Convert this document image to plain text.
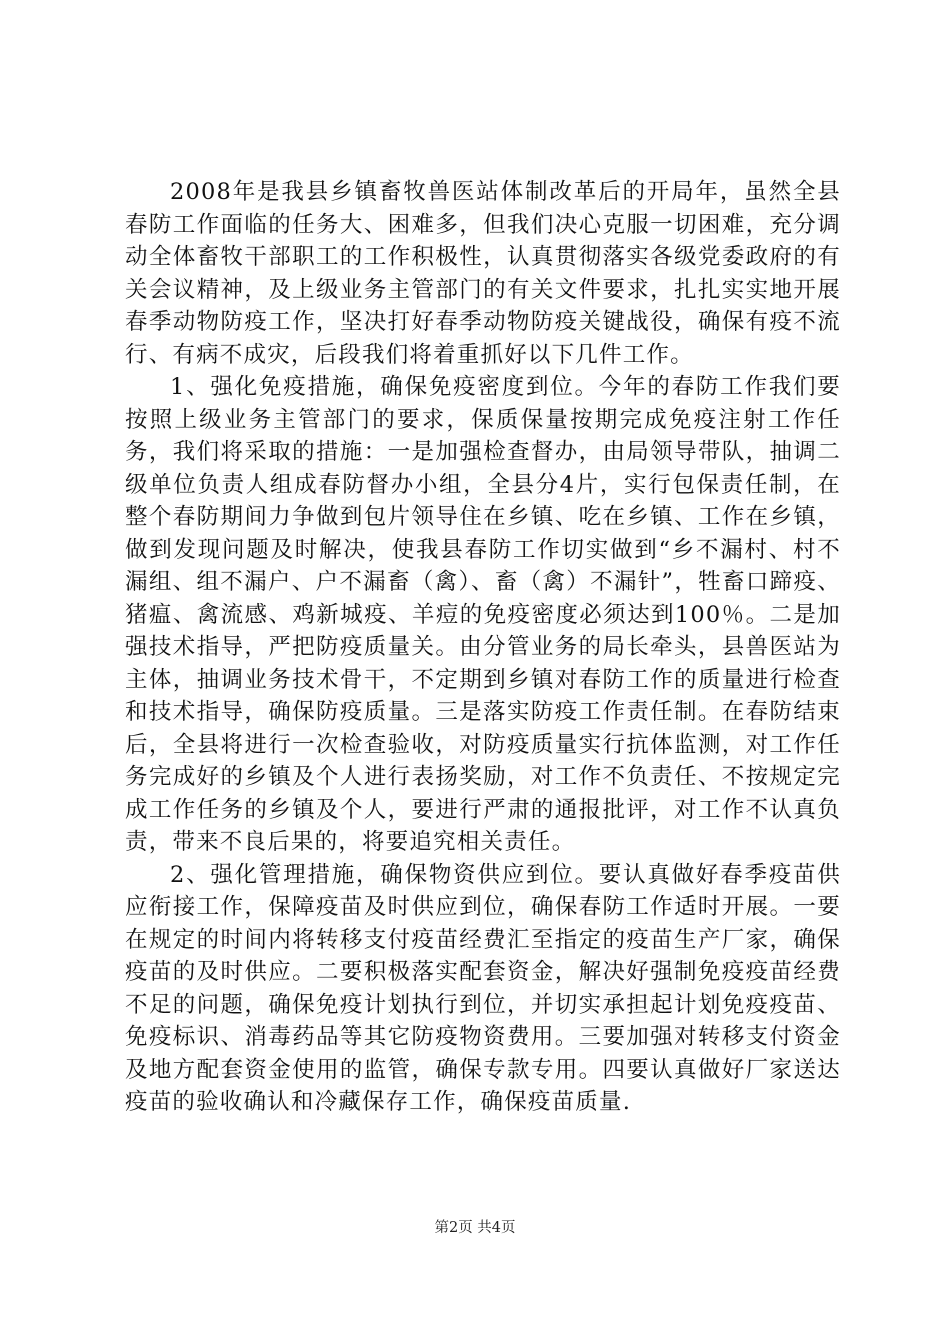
2008年是我县乡镇畜牧兽医站体制改革后的开局年，虽然全县春防工作面临的任务大、困难多，但我们决心克服一切困难，充分调动全体畜牧干部职工的工作积极性，认真贯彻落实各级党委政府的有关会议精神，及上级业务主管部门的有关文件要求，扎扎实实地开展春季动物防疫工作，坚决打好春季动物防疫关键战役，确保有疫不流行、有病不成灾，后段我们将着重抓好以下几件工作。

1、强化免疫措施，确保免疫密度到位。今年的春防工作我们要按照上级业务主管部门的要求，保质保量按期完成免疫注射工作任务，我们将采取的措施：一是加强检查督办，由局领导带队，抽调二级单位负责人组成春防督办小组，全县分4片，实行包保责任制，在整个春防期间力争做到包片领导住在乡镇、吃在乡镇、工作在乡镇，做到发现问题及时解决，使我县春防工作切实做到“乡不漏村、村不漏组、组不漏户、户不漏畜（禽）、畜（禽）不漏针”，牲畜口蹄疫、猪瘟、禽流感、鸡新城疫、羊痘的免疫密度必须达到100％。二是加强技术指导，严把防疫质量关。由分管业务的局长牵头，县兽医站为主体，抽调业务技术骨干，不定期到乡镇对春防工作的质量进行检查和技术指导，确保防疫质量。三是落实防疫工作责任制。在春防结束后，全县将进行一次检查验收，对防疫质量实行抗体监测，对工作任务完成好的乡镇及个人进行表扬奖励，对工作不负责任、不按规定完成工作任务的乡镇及个人，要进行严肃的通报批评，对工作不认真负责，带来不良后果的，将要追究相关责任。

2、强化管理措施，确保物资供应到位。要认真做好春季疫苗供应衔接工作，保障疫苗及时供应到位，确保春防工作适时开展。一要在规定的时间内将转移支付疫苗经费汇至指定的疫苗生产厂家，确保疫苗的及时供应。二要积极落实配套资金，解决好强制免疫疫苗经费不足的问题，确保免疫计划执行到位，并切实承担起计划免疫疫苗、免疫标识、消毒药品等其它防疫物资费用。三要加强对转移支付资金及地方配套资金使用的监管，确保专款专用。四要认真做好厂家送达疫苗的验收确认和冷藏保存工作，确保疫苗质量.

第2页 共4页
